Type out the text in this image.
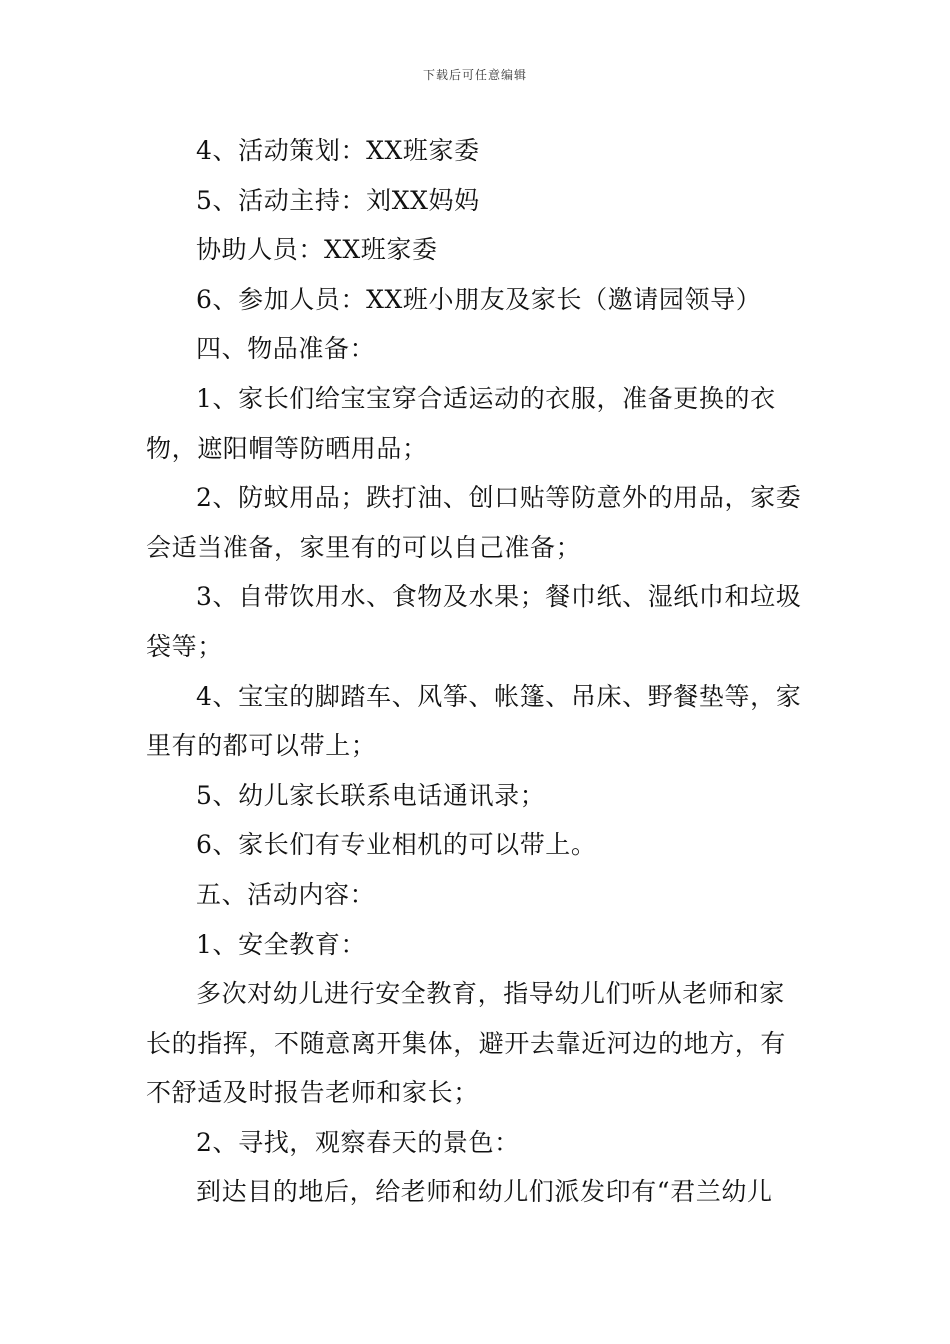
下载后可任意编辑

4、活动策划：XX班家委

5、活动主持：刘XX妈妈

协助人员：XX班家委

6、参加人员：XX班小朋友及家长（邀请园领导）

四、物品准备：

1、家长们给宝宝穿合适运动的衣服，准备更换的衣物，遮阳帽等防晒用品；

2、防蚊用品；跌打油、创口贴等防意外的用品，家委会适当准备，家里有的可以自己准备；

3、自带饮用水、食物及水果；餐巾纸、湿纸巾和垃圾袋等；

4、宝宝的脚踏车、风筝、帐篷、吊床、野餐垫等，家里有的都可以带上；

5、幼儿家长联系电话通讯录；

6、家长们有专业相机的可以带上。

五、活动内容：

1、安全教育：

多次对幼儿进行安全教育，指导幼儿们听从老师和家长的指挥，不随意离开集体，避开去靠近河边的地方，有不舒适及时报告老师和家长；

2、寻找，观察春天的景色：

到达目的地后，给老师和幼儿们派发印有“君兰幼儿
